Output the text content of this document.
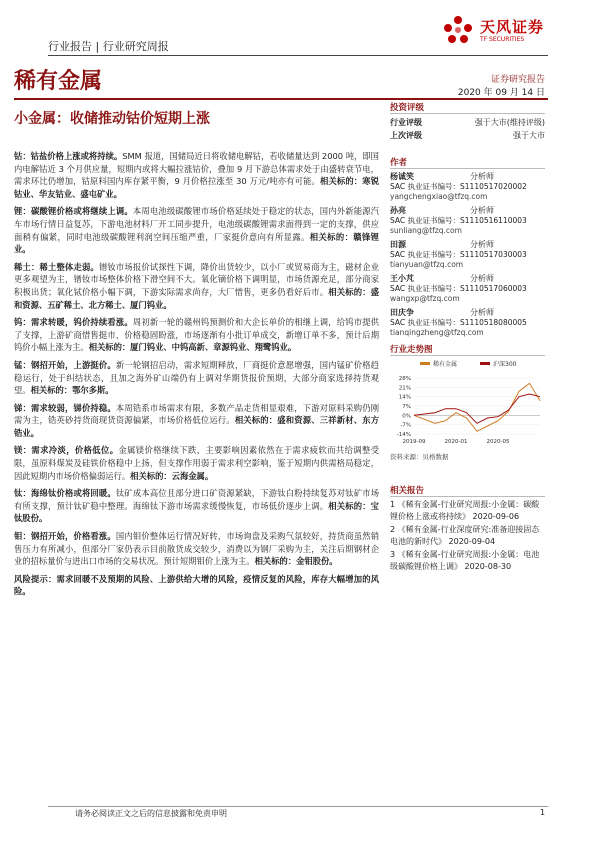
行业报告 | 行业研究周报
天风证券
TF SECURITIES
稀有金属	证券研究报告
2020 年 09 月 14 日
小金属：收储推动钴价短期上涨
投资评级
行业评级	强于大市(维持评级)
上次评级	强于大市
作者
杨诚笑	分析师
SAC 执业证书编号：S1110517020002
yangchengxiao@tfzq.com
孙亮	分析师
SAC 执业证书编号：S1110516110003
sunliang@tfzq.com
田源	分析师
SAC 执业证书编号：S1110517030003
tianyuan@tfzq.com
王小芃	分析师
SAC 执业证书编号：S1110517060003
wangxp@tfzq.com
田庆争	分析师
SAC 执业证书编号：S1110518080005
tianqingzheng@tfzq.com
行业走势图
稀有金属	沪深300
28%
21%
14%
7%
0%
-7%
-14%
2019-09	2020-01	2020-05
资料来源：贝格数据
相关报告
1 《稀有金属-行业研究周报:小金属：碳酸锂价格上涨或将持续》 2020-09-06
2 《稀有金属-行业深度研究:准备迎接固态电池的新时代》 2020-09-04
3 《稀有金属-行业研究周报:小金属：电池级碳酸锂价格上调》 2020-08-30

钴：钴盐价格上涨或将持续。SMM 报道，国储局近日将收储电解钴，若收储量达到 2000 吨，即国内电解钴近 3 个月供应量，短期内或将大幅拉涨钴价，叠加 9 月下游总体需求处于由盛转衰节电，需求环比仍增加，钴原料国内库存紧平衡，9 月价格拉涨至 30 万元/吨亦有可能。相关标的：寒锐钴业、华友钴业、盛屯矿业。

锂：碳酸锂价格或将继续上调。本周电池级碳酸锂市场价格延续处于稳定的状态，国内外新能源汽车市场行情日益复苏，下游电池材料厂开工同步提升，电池级碳酸锂需求面得到一定的支撑，供应面稍有偏紧，同时电池级碳酸锂利润空间压缩严重，厂家挺价意向有所显露。相关标的：赣锋锂业。

稀土：稀土整体走弱。镨钕市场报价试探性下调，降价出货较少，以小厂或贸易商为主，磁材企业更多观望为主，镨钕市场整体价格下滑空间不大。氧化镝价格下调明显，市场货源充足，部分商家积极出货；氧化铽价格小幅下调，下游实际需求尚存，大厂惜售，更多仍看好后市。相关标的：盛和资源、五矿稀土、北方稀土、厦门钨业。

钨：需求转暖，钨价持续看涨。周初新一轮的赣州钨预测价和大企长单价的相继上调，给钨市提供了支撑，上游矿商惜售挺市，价格稳固盼涨，市场逐渐有小批订单成交，新增订单不多，预计后期钨价小幅上涨为主。相关标的：厦门钨业、中钨高新、章源钨业、翔鹭钨业。

锰：钢招开始，上游挺价。新一轮钢招启动，需求短期释放，厂商挺价意愿增强，国内锰矿价格趋稳运行，处于纠结状态，且加之海外矿山端仍有上调对华期货报价预期，大部分商家选择持货观望。相关标的：鄂尔多斯。

锑：需求较弱，锑价持稳。本周锆系市场需求有限，多数产品走货相显艰难，下游对原料采购仍刚需为主，锆英砂持货商现货资源偏紧，市场价格低位运行。相关标的：盛和资源、三祥新材、东方锆业。

镁：需求冷淡，价格低位。金属镁价格继续下跌，主要影响因素依然在于需求疲软而共给调整受限，虽原料煤炭及硅铁价格稳中上扬，但支撑作用弱于需求利空影响，鉴于短期内供需格局稳定，因此短期内市场价格偏弱运行。相关标的：云海金属。

钛：海绵钛价格或将回暖。钛矿成本高位且部分进口矿资源紧缺，下游钛白粉持续复苏对钛矿市场有所支撑，预计钛矿稳中整理。海绵钛下游市场需求缓慢恢复，市场低价逐步上调。相关标的：宝钛股份。

钼：钢招开始，价格看涨。国内钼价整体运行情况好转，市场询盘及采购气氛较好，持货商虽然销售压力有所减小，但部分厂家仍表示目前散货成交较少，消费以为钢厂采购为主，关注后期钢材企业的招标量价与进出口市场的交易状况。预计短期钼价上涨为主。相关标的：金钼股份。

风险提示：需求回暖不及预期的风险、上游供给大增的风险，疫情反复的风险，库存大幅增加的风险。

请务必阅读正文之后的信息披露和免责申明	1
